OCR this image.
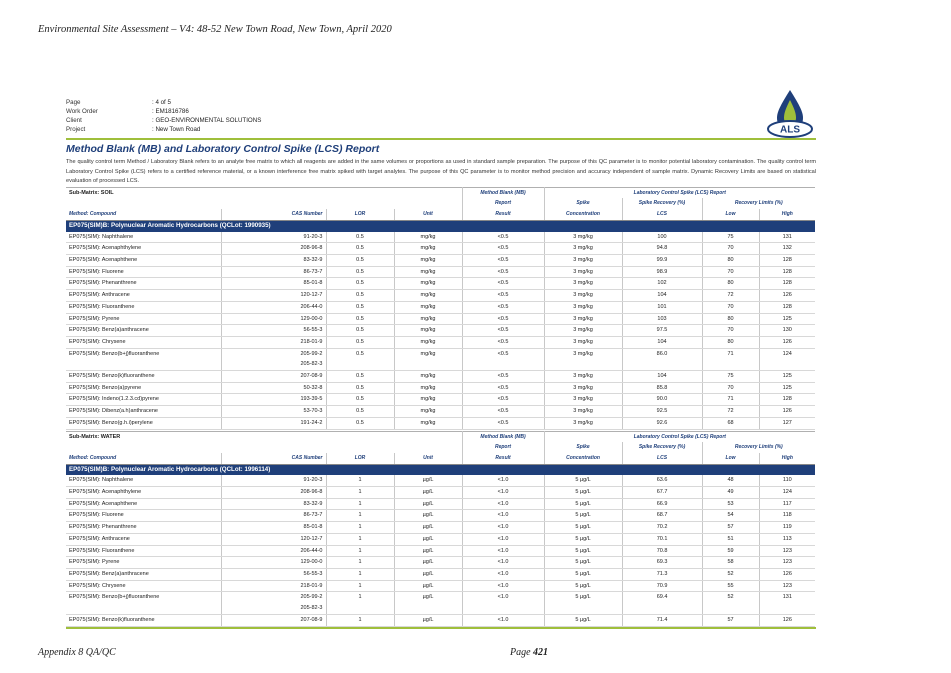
Environmental Site Assessment – V4: 48-52 New Town Road, New Town, April 2020
Page	: 4 of 5
Work Order	: EM1816786
Client	: GEO-ENVIRONMENTAL SOLUTIONS
Project	: New Town Road	ALS
Method Blank (MB) and Laboratory Control Spike (LCS) Report
The quality control term Method / Laboratory Blank refers to an analyte free matrix to which all reagents are added in the same volumes or proportions as used in standard sample preparation. The purpose of this QC parameter is to monitor potential laboratory contamination. The quality control term Laboratory Control Spike (LCS) refers to a certified reference material, or a known interference free matrix spiked with target analytes. The purpose of this QC parameter is to monitor method precision and accuracy independent of sample matrix. Dynamic Recovery Limits are based on statistical evaluation of processed LCS.
Sub-Matrix: SOIL				Method Blank (MB)	Laboratory Control Spike (LCS) Report			
				Report	Spike	Spike Recovery (%)	Recovery Limits (%)	
Method: Compound	CAS Number	LOR	Unit	Result	Concentration	LCS	Low	High
EP075(SIM)B: Polynuclear Aromatic Hydrocarbons (QCLot: 1990935)								
EP075(SIM): Naphthalene	91-20-3	0.5	mg/kg	<0.5	3 mg/kg	100	75	131
EP075(SIM): Acenaphthylene	208-96-8	0.5	mg/kg	<0.5	3 mg/kg	94.8	70	132
EP075(SIM): Acenaphthene	83-32-9	0.5	mg/kg	<0.5	3 mg/kg	99.9	80	128
EP075(SIM): Fluorene	86-73-7	0.5	mg/kg	<0.5	3 mg/kg	98.9	70	128
EP075(SIM): Phenanthrene	85-01-8	0.5	mg/kg	<0.5	3 mg/kg	102	80	128
EP075(SIM): Anthracene	120-12-7	0.5	mg/kg	<0.5	3 mg/kg	104	72	126
EP075(SIM): Fluoranthene	206-44-0	0.5	mg/kg	<0.5	3 mg/kg	101	70	128
EP075(SIM): Pyrene	129-00-0	0.5	mg/kg	<0.5	3 mg/kg	103	80	125
EP075(SIM): Benz(a)anthracene	56-55-3	0.5	mg/kg	<0.5	3 mg/kg	97.5	70	130
EP075(SIM): Chrysene	218-01-9	0.5	mg/kg	<0.5	3 mg/kg	104	80	126
EP075(SIM): Benzo(b+j)fluoranthene	205-99-2
205-82-3	0.5	mg/kg	<0.5	3 mg/kg	86.0	71	124
EP075(SIM): Benzo(k)fluoranthene	207-08-9	0.5	mg/kg	<0.5	3 mg/kg	104	75	125
EP075(SIM): Benzo(a)pyrene	50-32-8	0.5	mg/kg	<0.5	3 mg/kg	85.8	70	125
EP075(SIM): Indeno(1.2.3.cd)pyrene	193-39-5	0.5	mg/kg	<0.5	3 mg/kg	90.0	71	128
EP075(SIM): Dibenz(a.h)anthracene	53-70-3	0.5	mg/kg	<0.5	3 mg/kg	92.5	72	126
EP075(SIM): Benzo(g.h.i)perylene	191-24-2	0.5	mg/kg	<0.5	3 mg/kg	92.6	68	127
Sub-Matrix: WATER				Method Blank (MB)	Laboratory Control Spike (LCS) Report			
				Report	Spike	Spike Recovery (%)	Recovery Limits (%)	
Method: Compound	CAS Number	LOR	Unit	Result	Concentration	LCS	Low	High
EP075(SIM)B: Polynuclear Aromatic Hydrocarbons (QCLot: 1996114)								
EP075(SIM): Naphthalene	91-20-3	1	µg/L	<1.0	5 µg/L	63.6	48	110
EP075(SIM): Acenaphthylene	208-96-8	1	µg/L	<1.0	5 µg/L	67.7	49	124
EP075(SIM): Acenaphthene	83-32-9	1	µg/L	<1.0	5 µg/L	66.9	53	117
EP075(SIM): Fluorene	86-73-7	1	µg/L	<1.0	5 µg/L	68.7	54	118
EP075(SIM): Phenanthrene	85-01-8	1	µg/L	<1.0	5 µg/L	70.2	57	119
EP075(SIM): Anthracene	120-12-7	1	µg/L	<1.0	5 µg/L	70.1	51	113
EP075(SIM): Fluoranthene	206-44-0	1	µg/L	<1.0	5 µg/L	70.8	59	123
EP075(SIM): Pyrene	129-00-0	1	µg/L	<1.0	5 µg/L	69.3	58	123
EP075(SIM): Benz(a)anthracene	56-55-3	1	µg/L	<1.0	5 µg/L	71.3	52	126
EP075(SIM): Chrysene	218-01-9	1	µg/L	<1.0	5 µg/L	70.9	55	123
EP075(SIM): Benzo(b+j)fluoranthene	205-99-2
205-82-3	1	µg/L	<1.0	5 µg/L	69.4	52	131
EP075(SIM): Benzo(k)fluoranthene	207-08-9	1	µg/L	<1.0	5 µg/L	71.4	57	126
Appendix 8 QA/QC	Page 421
